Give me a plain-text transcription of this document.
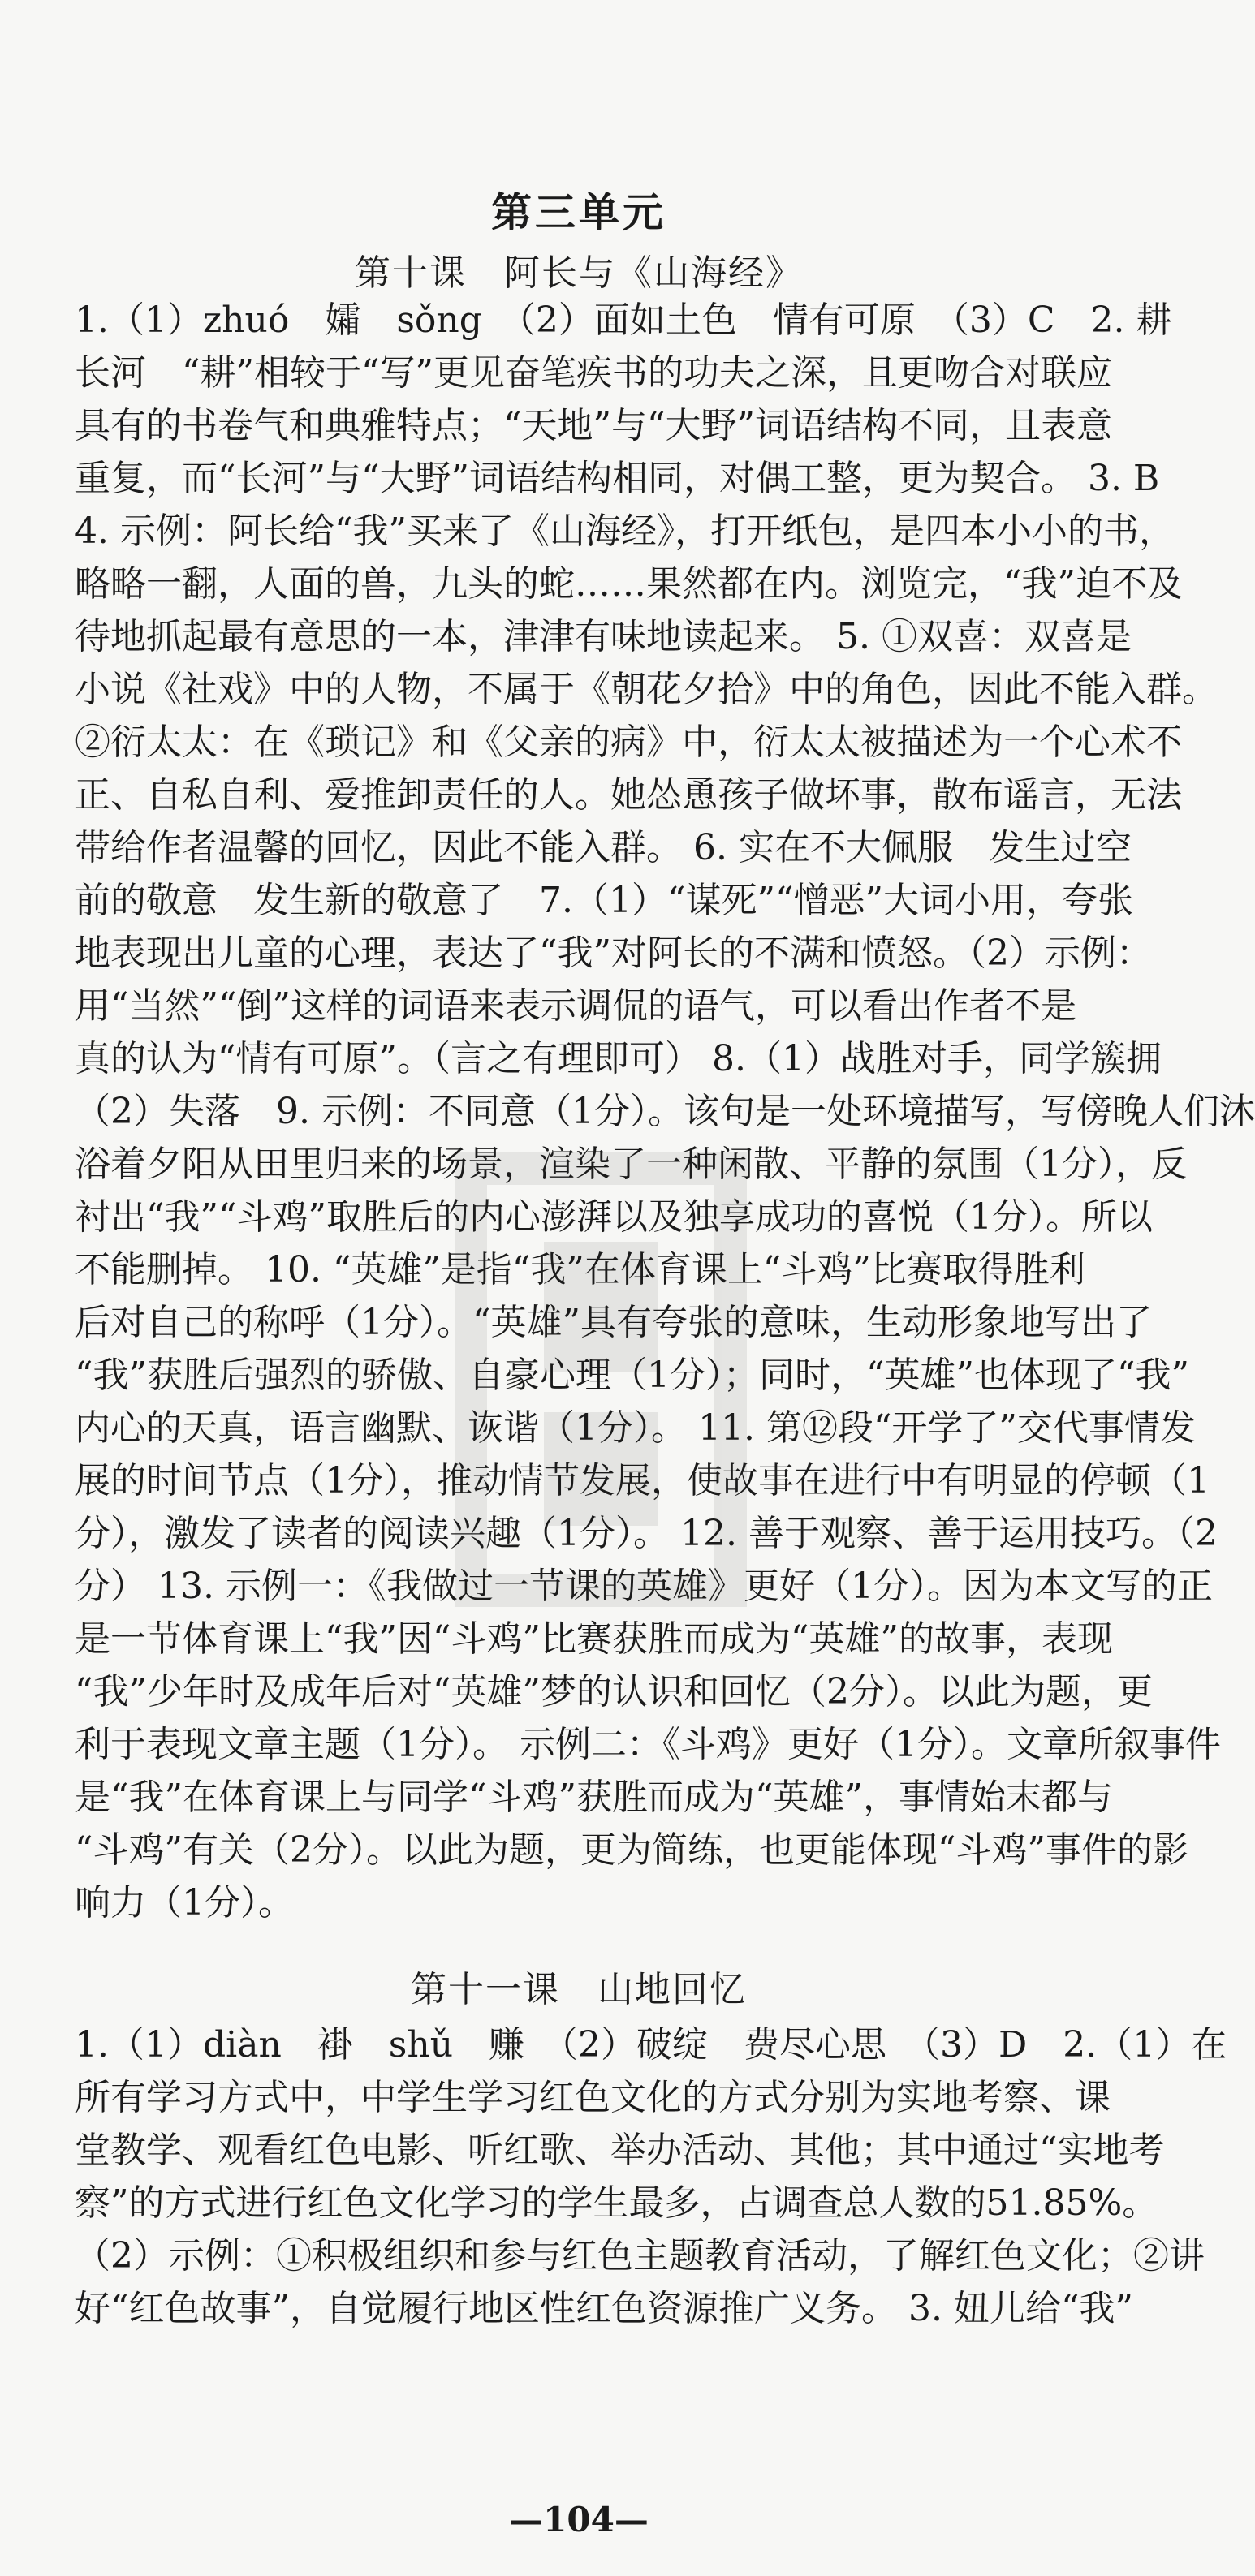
第三单元
第十课　阿长与《山海经》
1.（1）zhuó　孀　sǒng　（2）面如土色　情有可原　（3）C　2. 耕
长河　“耕”相较于“写”更见奋笔疾书的功夫之深，且更吻合对联应
具有的书卷气和典雅特点；“天地”与“大野”词语结构不同，且表意
重复，而“长河”与“大野”词语结构相同，对偶工整，更为契合。 3. B
4. 示例：阿长给“我”买来了《山海经》，打开纸包，是四本小小的书，
略略一翻，人面的兽，九头的蛇……果然都在内。浏览完，“我”迫不及
待地抓起最有意思的一本，津津有味地读起来。 5. ①双喜：双喜是
小说《社戏》中的人物，不属于《朝花夕拾》中的角色，因此不能入群。
②衍太太：在《琐记》和《父亲的病》中，衍太太被描述为一个心术不
正、自私自利、爱推卸责任的人。她怂恿孩子做坏事，散布谣言，无法
带给作者温馨的回忆，因此不能入群。 6. 实在不大佩服　发生过空
前的敬意　发生新的敬意了　7.（1）“谋死”“憎恶”大词小用，夸张
地表现出儿童的心理，表达了“我”对阿长的不满和愤怒。（2）示例：
用“当然”“倒”这样的词语来表示调侃的语气，可以看出作者不是
真的认为“情有可原”。（言之有理即可） 8.（1）战胜对手，同学簇拥
（2）失落　9. 示例：不同意（1分）。该句是一处环境描写，写傍晚人们沐
浴着夕阳从田里归来的场景，渲染了一种闲散、平静的氛围（1分），反
衬出“我”“斗鸡”取胜后的内心澎湃以及独享成功的喜悦（1分）。所以
不能删掉。 10. “英雄”是指“我”在体育课上“斗鸡”比赛取得胜利
后对自己的称呼（1分）。“英雄”具有夸张的意味，生动形象地写出了
“我”获胜后强烈的骄傲、自豪心理（1分）；同时，“英雄”也体现了“我”
内心的天真，语言幽默、诙谐（1分）。 11. 第⑫段“开学了”交代事情发
展的时间节点（1分），推动情节发展，使故事在进行中有明显的停顿（1
分），激发了读者的阅读兴趣（1分）。 12. 善于观察、善于运用技巧。（2
分） 13. 示例一：《我做过一节课的英雄》更好（1分）。因为本文写的正
是一节体育课上“我”因“斗鸡”比赛获胜而成为“英雄”的故事，表现
“我”少年时及成年后对“英雄”梦的认识和回忆（2分）。以此为题，更
利于表现文章主题（1分）。 示例二：《斗鸡》更好（1分）。文章所叙事件
是“我”在体育课上与同学“斗鸡”获胜而成为“英雄”，事情始末都与
“斗鸡”有关（2分）。以此为题，更为简练，也更能体现“斗鸡”事件的影
响力（1分）。
第十一课　山地回忆
1.（1）diàn　褂　shǔ　赚　（2）破绽　费尽心思　（3）D　2.（1）在
所有学习方式中，中学生学习红色文化的方式分别为实地考察、课
堂教学、观看红色电影、听红歌、举办活动、其他；其中通过“实地考
察”的方式进行红色文化学习的学生最多，占调查总人数的51.85%。
（2）示例：①积极组织和参与红色主题教育活动，了解红色文化；②讲
好“红色故事”，自觉履行地区性红色资源推广义务。 3. 妞儿给“我”
—104—
